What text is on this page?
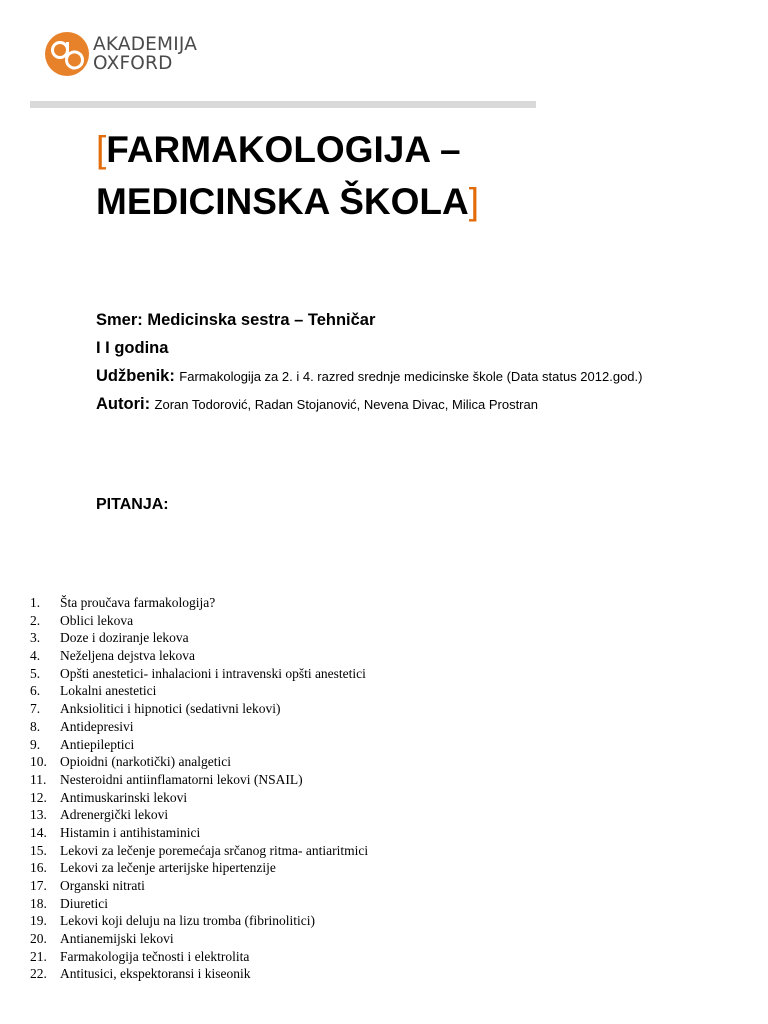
AKADEMIJA
OXFORD
[FARMAKOLOGIJA –
MEDICINSKA ŠKOLA]
Smer: Medicinska sestra – Tehničar
I I godina
Udžbenik: Farmakologija za 2. i 4. razred srednje medicinske škole (Data status 2012.god.)
Autori: Zoran Todorović, Radan Stojanović, Nevena Divac, Milica Prostran
PITANJA:
1.	Šta proučava farmakologija?
2.	Oblici lekova
3.	Doze i doziranje lekova
4.	Neželjena dejstva lekova
5.	Opšti anestetici- inhalacioni i intravenski opšti anestetici
6.	Lokalni anestetici
7.	Anksiolitici i hipnotici (sedativni lekovi)
8.	Antidepresivi
9.	Antiepileptici
10. Opioidni (narkotički) analgetici
11.	Nesteroidni antiinflamatorni lekovi (NSAIL)
12. Antimuskarinski lekovi
13. Adrenergički lekovi
14. Histamin i antihistaminici
15. Lekovi za lečenje poremećaja srčanog ritma- antiaritmici
16. Lekovi za lečenje arterijske hipertenzije
17. Organski nitrati
18. Diuretici
19. Lekovi koji deluju na lizu tromba (fibrinolitici)
20. Antianemijski lekovi
21. Farmakologija tečnosti i elektrolita
22. Antitusici, ekspektoransi i kiseonik
